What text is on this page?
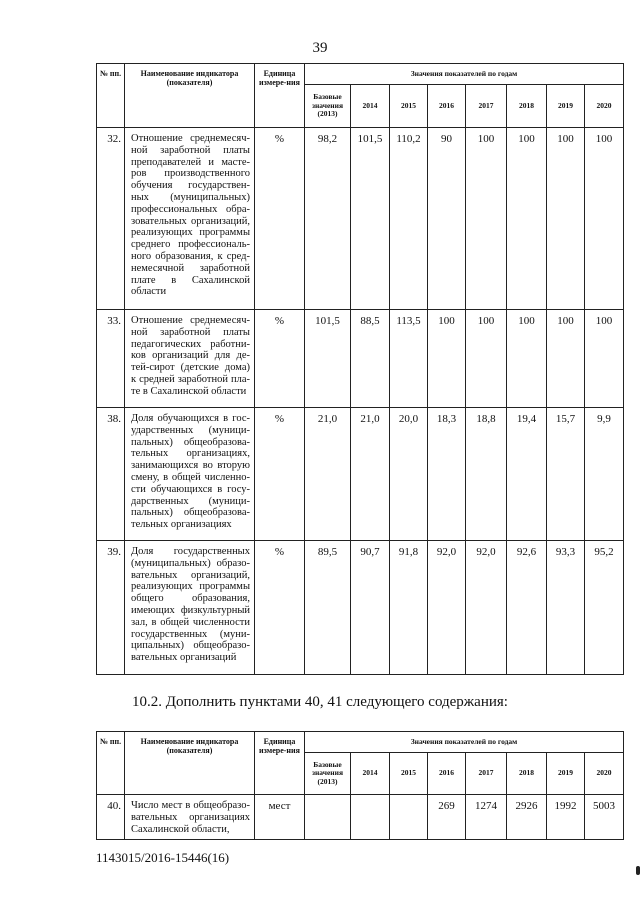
39
№ пп.	Наименование индикатора (показателя)	Единица измере-ния	Значения показателей по годам							
			Базовые значения (2013)	2014	2015	2016	2017	2018	2019	2020
32.	Отношение среднемесяч-ной заработной платы преподавателей и масте-ров производственного обучения государствен-ных (муниципальных) профессиональных обра-зовательных организаций, реализующих программы среднего профессиональ-ного образования, к сред-немесячной заработной плате в Сахалинской области	%	98,2	101,5	110,2	90	100	100	100	100
33.	Отношение среднемесяч-ной заработной платы педагогических работни-ков организаций для де-тей-сирот (детские дома) к средней заработной пла-те в Сахалинской области	%	101,5	88,5	113,5	100	100	100	100	100
38.	Доля обучающихся в гос-ударственных (муници-пальных) общеобразова-тельных организациях, занимающихся во вторую смену, в общей численно-сти обучающихся в госу-дарственных (муници-пальных) общеобразова-тельных организациях	%	21,0	21,0	20,0	18,3	18,8	19,4	15,7	9,9
39.	Доля государственных (муниципальных) образо-вательных организаций, реализующих программы общего образования, имеющих физкультурный зал, в общей численности государственных (муни-ципальных) общеобразо-вательных организаций	%	89,5	90,7	91,8	92,0	92,0	92,6	93,3	95,2
10.2. Дополнить пунктами 40, 41 следующего содержания:
№ пп.	Наименование индикатора (показателя)	Единица измере-ния	Значения показателей по годам							
			Базовые значения (2013)	2014	2015	2016	2017	2018	2019	2020
40.	Число мест в общеобразо-вательных организациях Сахалинской области,	мест				269	1274	2926	1992	5003
1143015/2016-15446(16)
